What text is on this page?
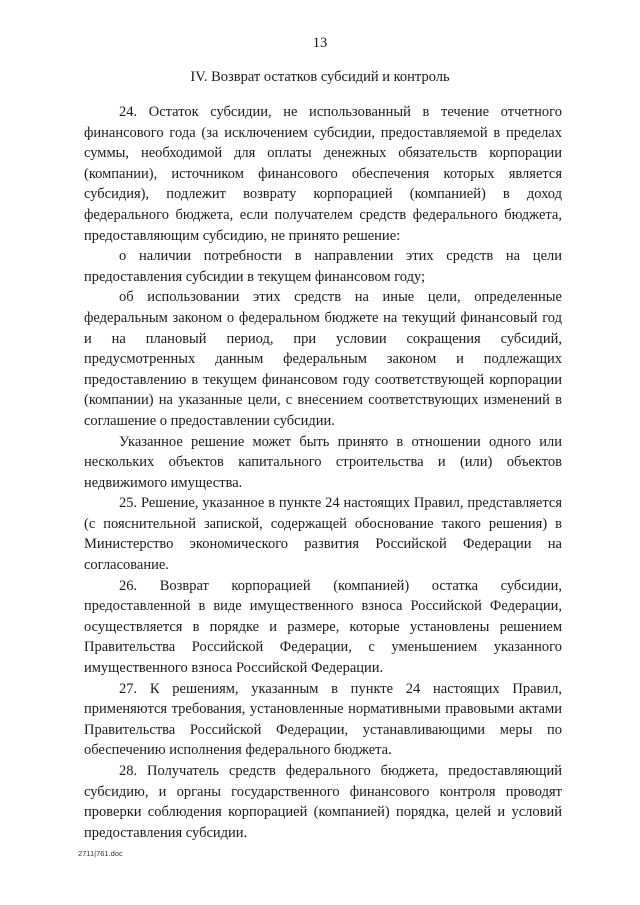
13
IV. Возврат остатков субсидий и контроль

24. Остаток субсидии, не использованный в течение отчетного финансового года (за исключением субсидии, предоставляемой в пределах суммы, необходимой для оплаты денежных обязательств корпорации (компании), источником финансового обеспечения которых является субсидия), подлежит возврату корпорацией (компанией) в доход федерального бюджета, если получателем средств федерального бюджета, предоставляющим субсидию, не принято решение:

о наличии потребности в направлении этих средств на цели предоставления субсидии в текущем финансовом году;

об использовании этих средств на иные цели, определенные федеральным законом о федеральном бюджете на текущий финансовый год и на плановый период, при условии сокращения субсидий, предусмотренных данным федеральным законом и подлежащих предоставлению в текущем финансовом году соответствующей корпорации (компании) на указанные цели, с внесением соответствующих изменений в соглашение о предоставлении субсидии.

Указанное решение может быть принято в отношении одного или нескольких объектов капитального строительства и (или) объектов недвижимого имущества.

25. Решение, указанное в пункте 24 настоящих Правил, представляется (с пояснительной запиской, содержащей обоснование такого решения) в Министерство экономического развития Российской Федерации на согласование.

26. Возврат корпорацией (компанией) остатка субсидии, предоставленной в виде имущественного взноса Российской Федерации, осуществляется в порядке и размере, которые установлены решением Правительства Российской Федерации, с уменьшением указанного имущественного взноса Российской Федерации.

27. К решениям, указанным в пункте 24 настоящих Правил, применяются требования, установленные нормативными правовыми актами Правительства Российской Федерации, устанавливающими меры по обеспечению исполнения федерального бюджета.

28. Получатель средств федерального бюджета, предоставляющий субсидию, и органы государственного финансового контроля проводят проверки соблюдения корпорацией (компанией) порядка, целей и условий предоставления субсидии.

2711|761.doc
